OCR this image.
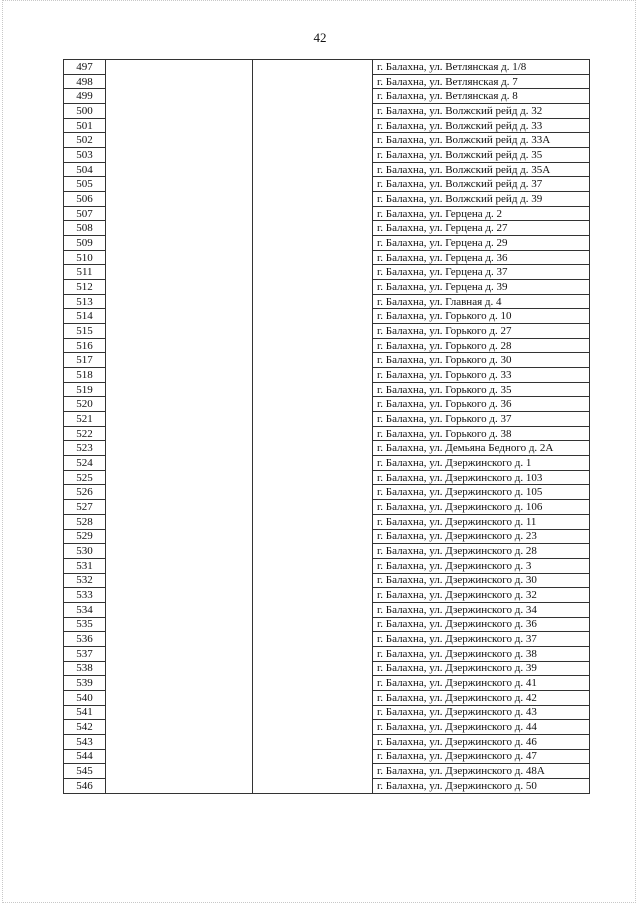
42
497			г. Балахна, ул. Ветлянская д. 1/8
498			г. Балахна, ул. Ветлянская д. 7
499			г. Балахна, ул. Ветлянская д. 8
500			г. Балахна, ул. Волжский рейд д. 32
501			г. Балахна, ул. Волжский рейд д. 33
502			г. Балахна, ул. Волжский рейд д. 33А
503			г. Балахна, ул. Волжский рейд д. 35
504			г. Балахна, ул. Волжский рейд д. 35А
505			г. Балахна, ул. Волжский рейд д. 37
506			г. Балахна, ул. Волжский рейд д. 39
507			г. Балахна, ул. Герцена д. 2
508			г. Балахна, ул. Герцена д. 27
509			г. Балахна, ул. Герцена д. 29
510			г. Балахна, ул. Герцена д. 36
511			г. Балахна, ул. Герцена д. 37
512			г. Балахна, ул. Герцена д. 39
513			г. Балахна, ул. Главная д. 4
514			г. Балахна, ул. Горького д. 10
515			г. Балахна, ул. Горького д. 27
516			г. Балахна, ул. Горького д. 28
517			г. Балахна, ул. Горького д. 30
518			г. Балахна, ул. Горького д. 33
519			г. Балахна, ул. Горького д. 35
520			г. Балахна, ул. Горького д. 36
521			г. Балахна, ул. Горького д. 37
522			г. Балахна, ул. Горького д. 38
523			г. Балахна, ул. Демьяна Бедного д. 2А
524			г. Балахна, ул. Дзержинского д. 1
525			г. Балахна, ул. Дзержинского д. 103
526			г. Балахна, ул. Дзержинского д. 105
527			г. Балахна, ул. Дзержинского д. 106
528			г. Балахна, ул. Дзержинского д. 11
529			г. Балахна, ул. Дзержинского д. 23
530			г. Балахна, ул. Дзержинского д. 28
531			г. Балахна, ул. Дзержинского д. 3
532			г. Балахна, ул. Дзержинского д. 30
533			г. Балахна, ул. Дзержинского д. 32
534			г. Балахна, ул. Дзержинского д. 34
535			г. Балахна, ул. Дзержинского д. 36
536			г. Балахна, ул. Дзержинского д. 37
537			г. Балахна, ул. Дзержинского д. 38
538			г. Балахна, ул. Дзержинского д. 39
539			г. Балахна, ул. Дзержинского д. 41
540			г. Балахна, ул. Дзержинского д. 42
541			г. Балахна, ул. Дзержинского д. 43
542			г. Балахна, ул. Дзержинского д. 44
543			г. Балахна, ул. Дзержинского д. 46
544			г. Балахна, ул. Дзержинского д. 47
545			г. Балахна, ул. Дзержинского д. 48А
546			г. Балахна, ул. Дзержинского д. 50
